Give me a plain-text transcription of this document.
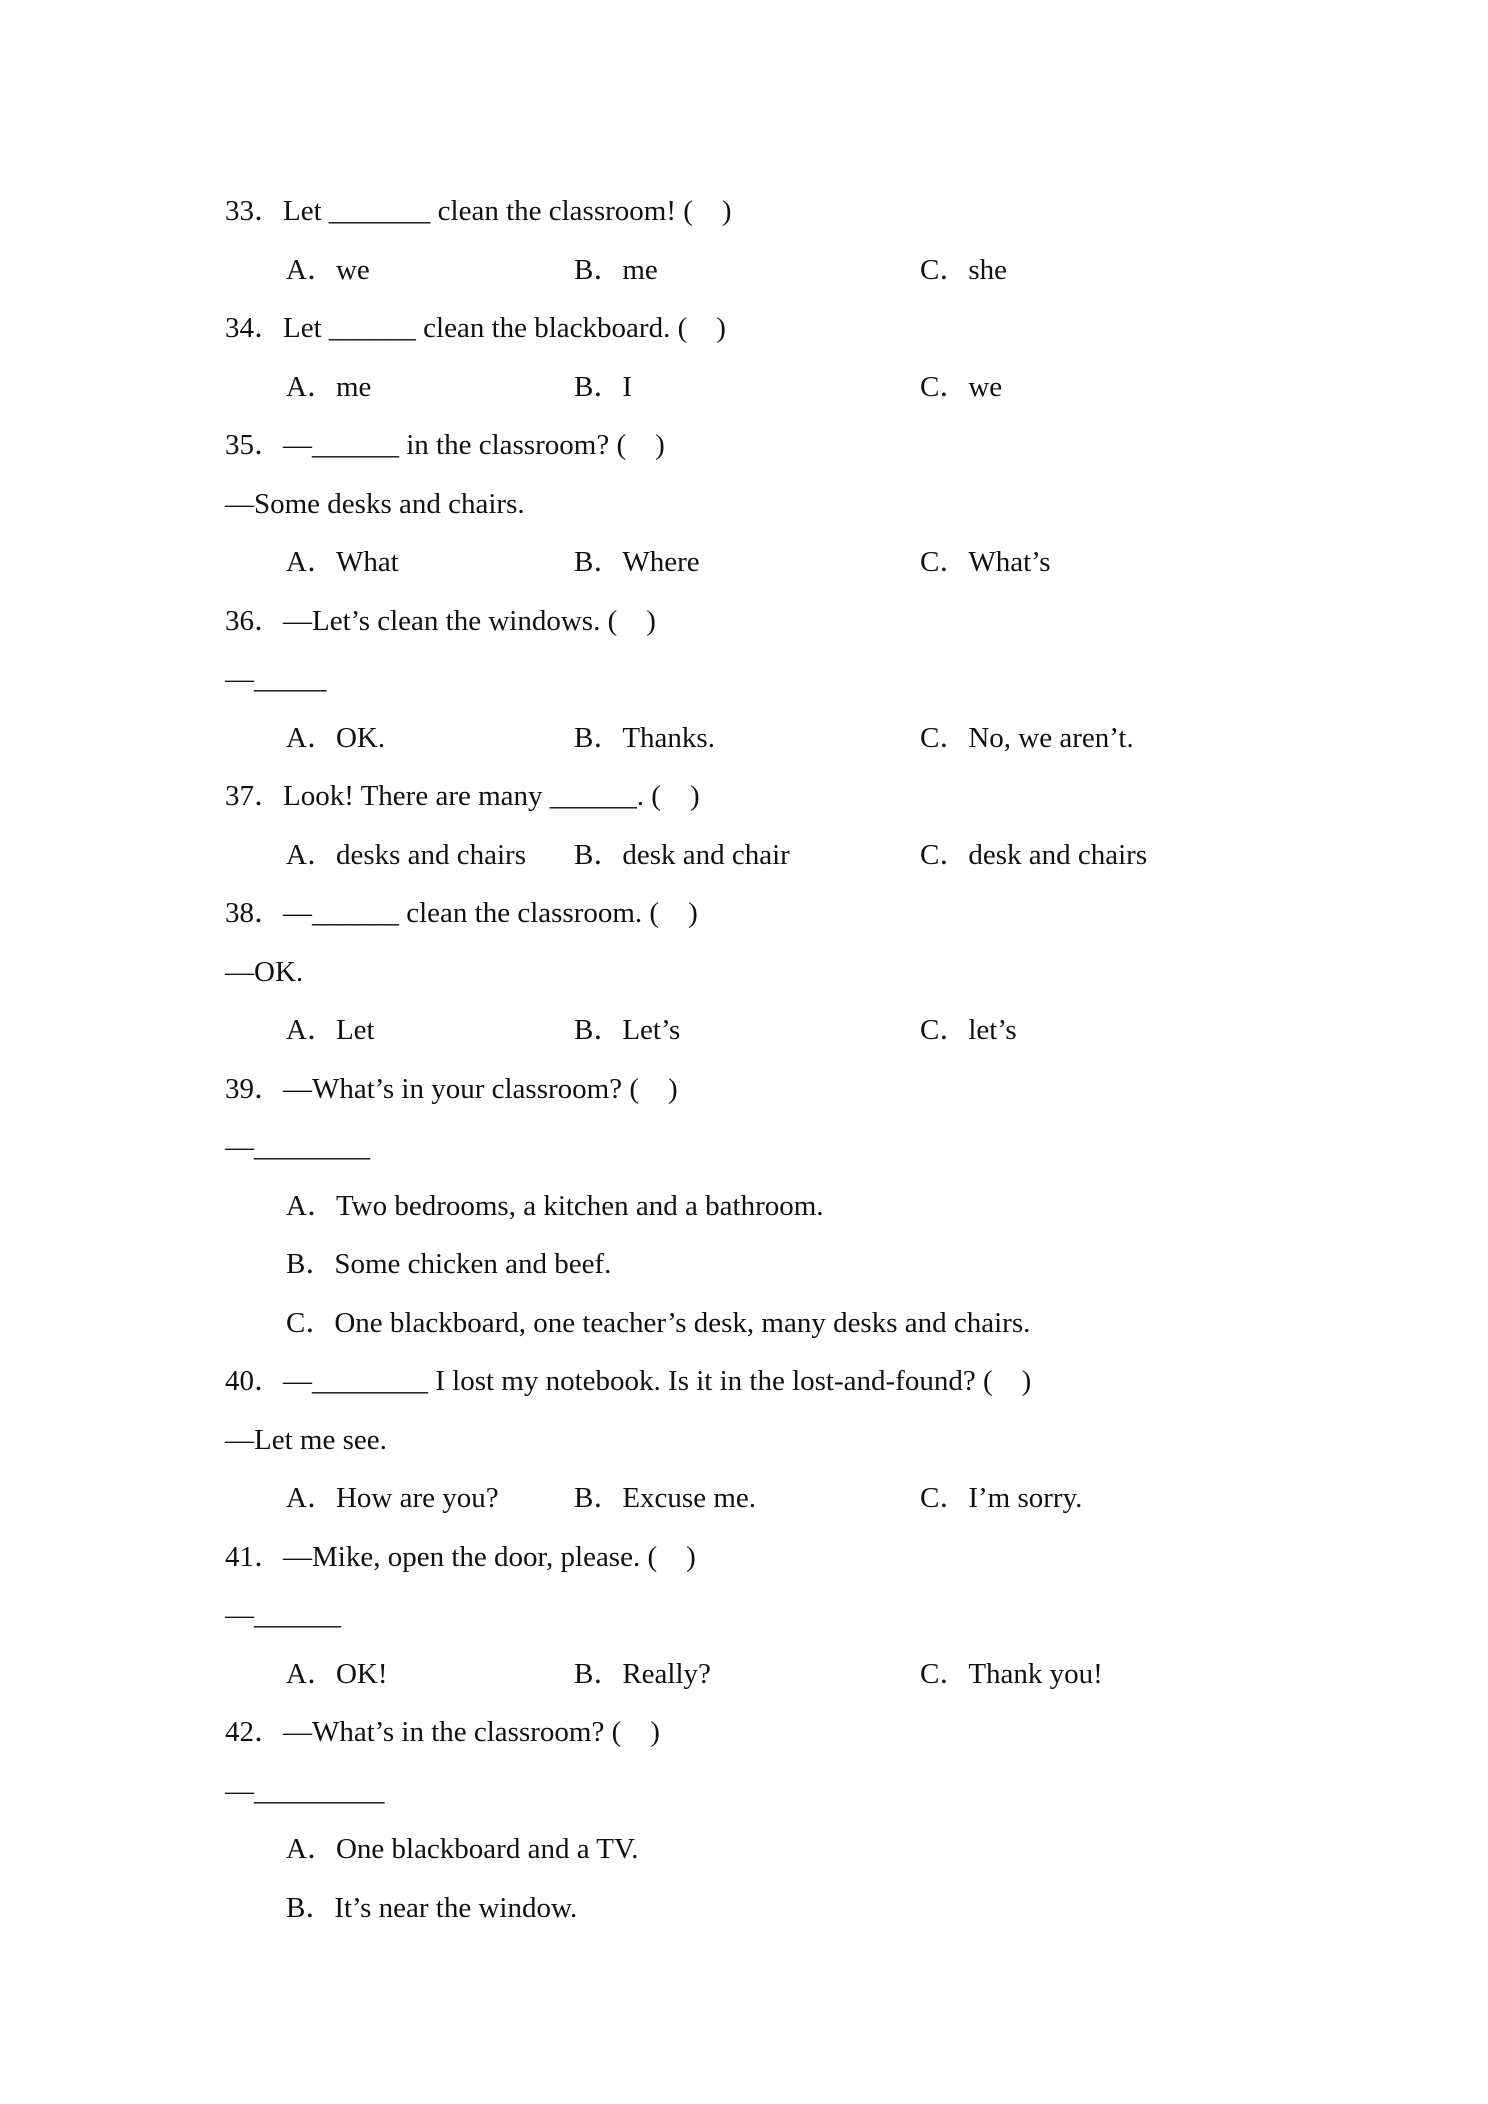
33．Let _______ clean the classroom! (    )

A．we

	B．me

	C．she

34．Let ______ clean the blackboard. (    )

A．me

	B．I

	C．we

35．—______ in the classroom? (    )
—Some desks and chairs.

A．What

	B．Where

	C．What’s

36．—Let’s clean the windows. (    )
—_____

A．OK.

	B．Thanks.

	C．No, we aren’t.

37．Look! There are many ______. (    )

A．desks and chairs

B．desk and chair

	C．desk and chairs

38．—______ clean the classroom. (    )
—OK.

A．Let

	B．Let’s

	C．let’s

39．—What’s in your classroom? (    )
—________
A．Two bedrooms, a kitchen and a bathroom.
B．Some chicken and beef.
C．One blackboard, one teacher’s desk, many desks and chairs.
40．—________ I lost my notebook. Is it in the lost-and-found? (    )
—Let me see.

A．How are you?

	B．Excuse me.

	C．I’m sorry.

41．—Mike, open the door, please. (    )
—______

A．OK!

	B．Really?

	C．Thank you!

42．—What’s in the classroom? (    )
—_________
A．One blackboard and a TV.
B．It’s near the window.
